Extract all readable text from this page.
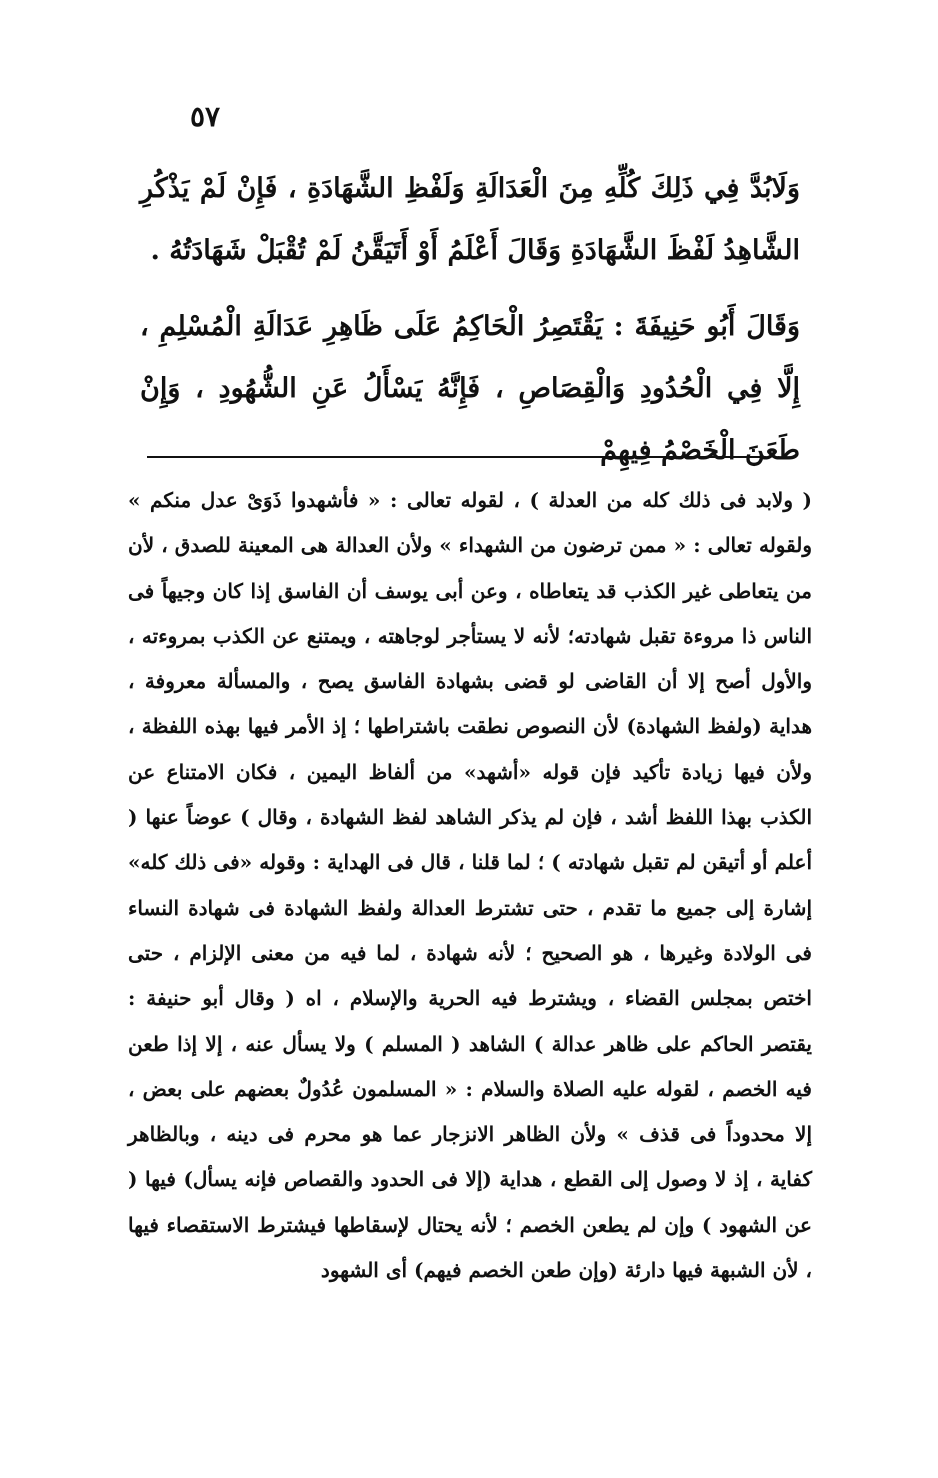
٥٧

وَلَابُدَّ فِي ذَلِكَ كُلِّهِ مِنَ الْعَدَالَةِ وَلَفْظِ الشَّهَادَةِ ، فَإِنْ لَمْ يَذْكُرِ الشَّاهِدُ لَفْظَ الشَّهَادَةِ وَقَالَ أَعْلَمُ أَوْ أَتَيَقَّنُ لَمْ تُقْبَلْ شَهَادَتُهُ .

وَقَالَ أَبُو حَنِيفَةَ : يَقْتَصِرُ الْحَاكِمُ عَلَى ظَاهِرِ عَدَالَةِ الْمُسْلِمِ ، إِلَّا فِي الْحُدُودِ وَالْقِصَاصِ ، فَإِنَّهُ يَسْأَلُ عَنِ الشُّهُودِ ، وَإِنْ طَعَنَ الْخَصْمُ فِيهِمْ

( ولابد فى ذلك كله من العدلة ) ، لقوله تعالى : « فأشهدوا ذَوَىْ عدل منكم » ولقوله تعالى : « ممن ترضون من الشهداء » ولأن العدالة هى المعينة للصدق ، لأن من يتعاطى غير الكذب قد يتعاطاه ، وعن أبى يوسف أن الفاسق إذا كان وجيهاً فى الناس ذا مروءة تقبل شهادته؛ لأنه لا يستأجر لوجاهته ، ويمتنع عن الكذب بمروءته ، والأول أصح إلا أن القاضى لو قضى بشهادة الفاسق يصح ، والمسألة معروفة ، هداية (ولفظ الشهادة) لأن النصوص نطقت باشتراطها ؛ إذ الأمر فيها بهذه اللفظة ، ولأن فيها زيادة تأكيد فإن قوله «أشهد» من ألفاظ اليمين ، فكان الامتناع عن الكذب بهذا اللفظ أشد ، فإن لم يذكر الشاهد لفظ الشهادة ، وقال ) عوضاً عنها ( أعلم أو أتيقن لم تقبل شهادته ) ؛ لما قلنا ، قال فى الهداية : وقوله «فى ذلك كله» إشارة إلى جميع ما تقدم ، حتى تشترط العدالة ولفظ الشهادة فى شهادة النساء فى الولادة وغيرها ، هو الصحيح ؛ لأنه شهادة ، لما فيه من معنى الإلزام ، حتى اختص بمجلس القضاء ، ويشترط فيه الحرية والإسلام ، اه ( وقال أبو حنيفة : يقتصر الحاكم على ظاهر عدالة ) الشاهد ( المسلم ) ولا يسأل عنه ، إلا إذا طعن فيه الخصم ، لقوله عليه الصلاة والسلام : « المسلمون عُدُولٌ بعضهم على بعض ، إلا محدوداً فى قذف » ولأن الظاهر الانزجار عما هو محرم فى دينه ، وبالظاهر كفاية ، إذ لا وصول إلى القطع ، هداية (إلا فى الحدود والقصاص فإنه يسأل) فيها ( عن الشهود ) وإن لم يطعن الخصم ؛ لأنه يحتال لإسقاطها فيشترط الاستقصاء فيها ، لأن الشبهة فيها دارئة (وإن طعن الخصم فيهم) أى الشهود
